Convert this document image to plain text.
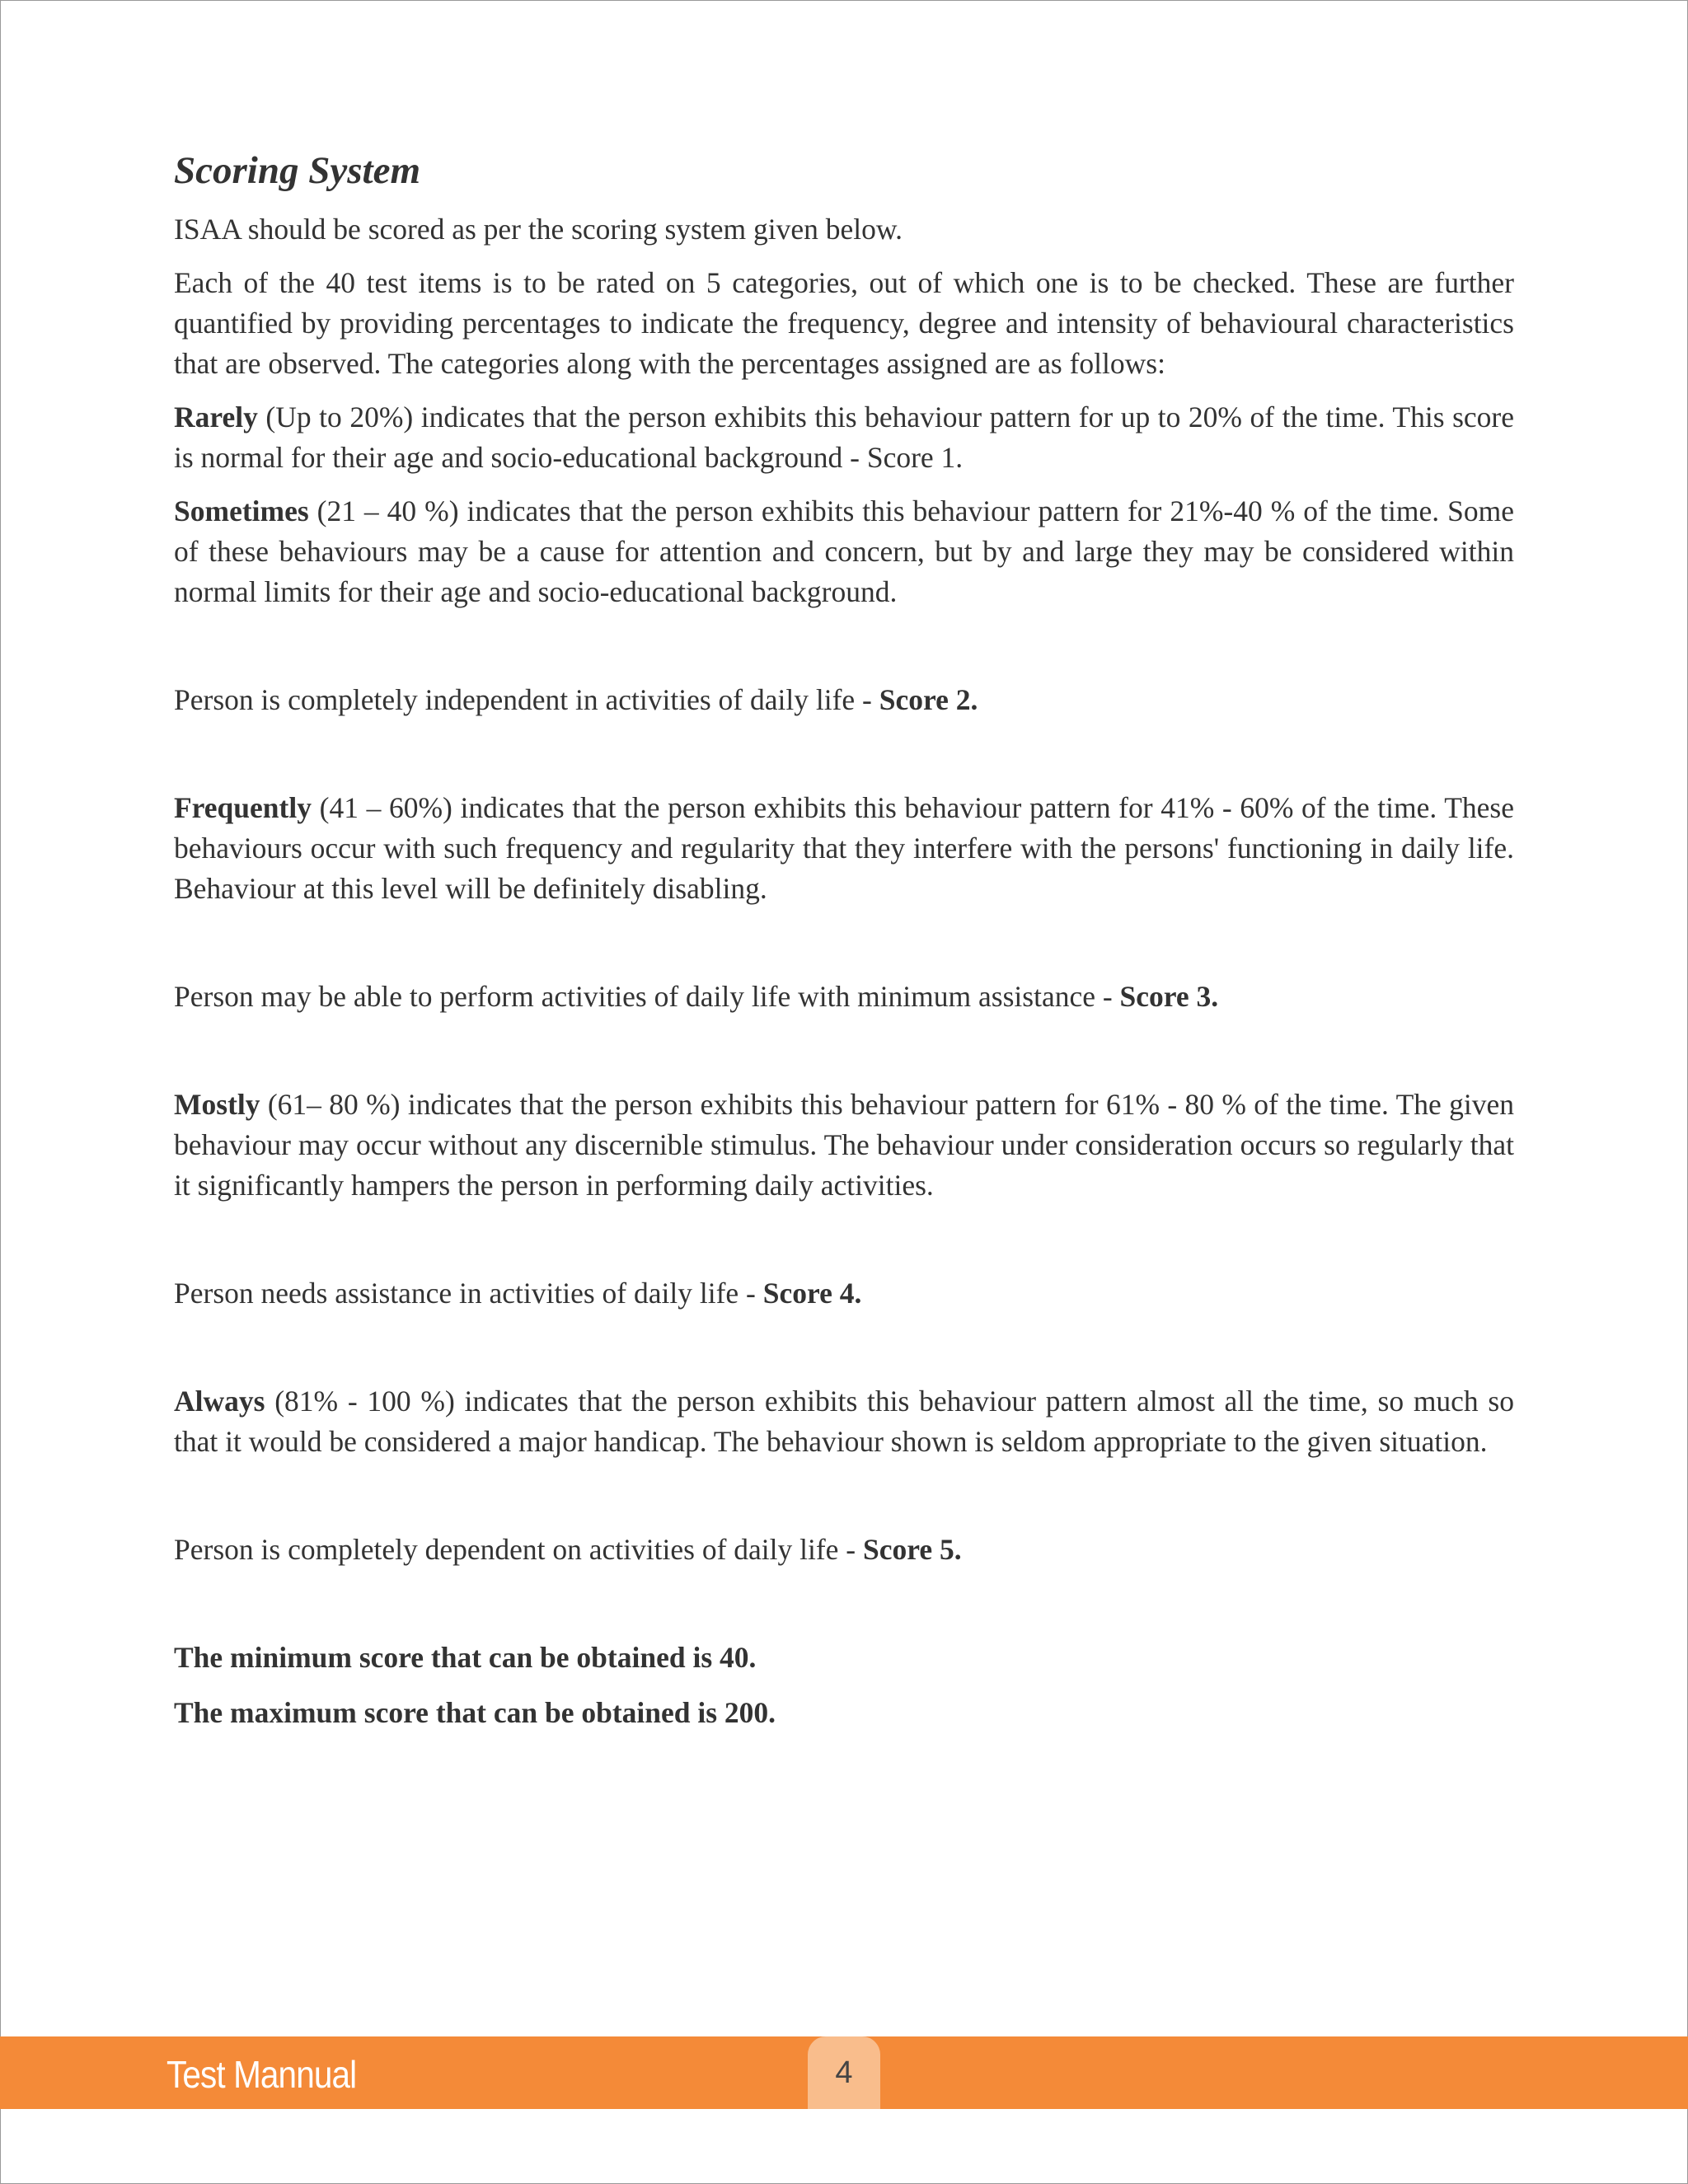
Scoring System

ISAA should be scored as per the scoring system given below.

Each of the 40 test items is to be rated on 5 categories, out of which one is to be checked. These are further quantified by providing percentages to indicate the frequency, degree and intensity of behavioural characteristics that are observed. The categories along with the percentages assigned are as follows:

Rarely (Up to 20%) indicates that the person exhibits this behaviour pattern for up to 20% of the time. This score is normal for their age and socio-educational background - Score 1.

Sometimes (21 – 40 %) indicates that the person exhibits this behaviour pattern for 21%-40 % of the time. Some of these behaviours may be a cause for attention and concern, but by and large they may be considered within normal limits for their age and socio-educational background.

Person is completely independent in activities of daily life - Score 2.

Frequently (41 – 60%) indicates that the person exhibits this behaviour pattern for 41% - 60% of the time. These behaviours occur with such frequency and regularity that they interfere with the persons' functioning in daily life. Behaviour at this level will be definitely disabling.

Person may be able to perform activities of daily life with minimum assistance - Score 3.

Mostly (61– 80 %) indicates that the person exhibits this behaviour pattern for 61% - 80 % of the time. The given behaviour may occur without any discernible stimulus. The behaviour under consideration occurs so regularly that it significantly hampers the person in performing daily activities.

Person needs assistance in activities of daily life - Score 4.

Always (81% - 100 %) indicates that the person exhibits this behaviour pattern almost all the time, so much so that it would be considered a major handicap. The behaviour shown is seldom appropriate to the given situation.

Person is completely dependent on activities of daily life - Score 5.

The minimum score that can be obtained is 40.

The maximum score that can be obtained is 200.

Test Mannual	4
